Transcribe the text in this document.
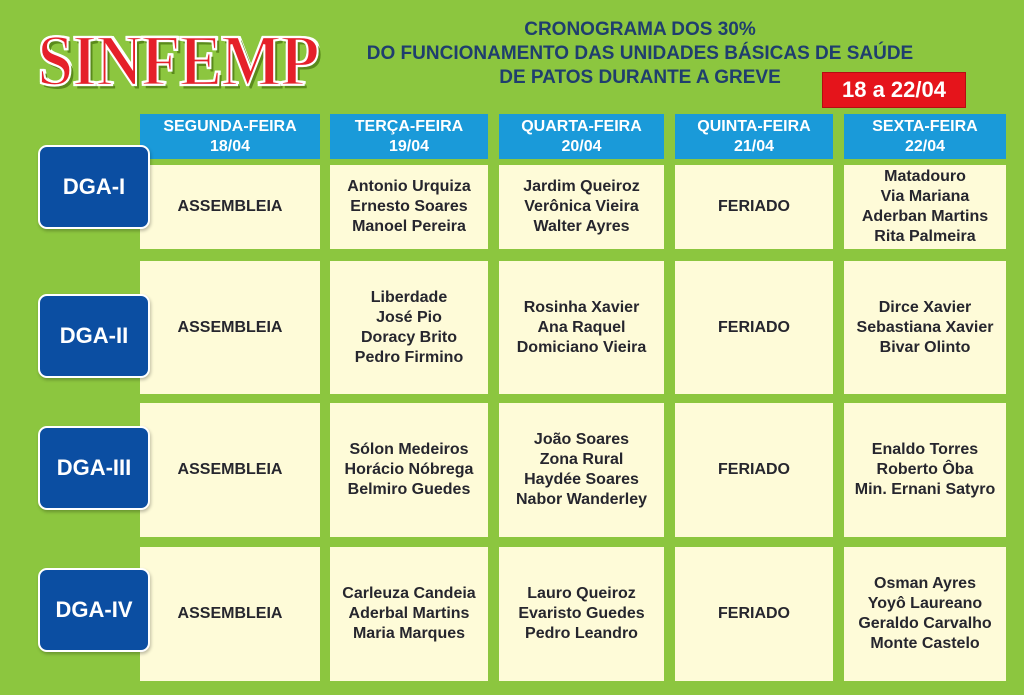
SINFEMP	CRONOGRAMA DOS 30%
DO FUNCIONAMENTO DAS UNIDADES BÁSICAS DE SAÚDE
DE PATOS DURANTE A GREVE	18 a 22/04
SEGUNDA-FEIRA
18/04
TERÇA-FEIRA
19/04
QUARTA-FEIRA
20/04
QUINTA-FEIRA
21/04
SEXTA-FEIRA
22/04
ASSEMBLEIA
Antonio Urquiza
Ernesto Soares
Manoel Pereira
Jardim Queiroz
Verônica Vieira
Walter Ayres
FERIADO
Matadouro
Via Mariana
Aderban Martins
Rita Palmeira
DGA-I
ASSEMBLEIA
Liberdade
José Pio
Doracy Brito
Pedro Firmino
Rosinha Xavier
Ana Raquel
Domiciano Vieira
FERIADO
Dirce Xavier
Sebastiana Xavier
Bivar Olinto
DGA-II
ASSEMBLEIA
Sólon Medeiros
Horácio Nóbrega
Belmiro Guedes
João Soares
Zona Rural
Haydée Soares
Nabor Wanderley
FERIADO
Enaldo Torres
Roberto Ôba
Min. Ernani Satyro
DGA-III
ASSEMBLEIA
Carleuza Candeia
Aderbal Martins
Maria Marques
Lauro Queiroz
Evaristo Guedes
Pedro Leandro
FERIADO
Osman Ayres
Yoyô Laureano
Geraldo Carvalho
Monte Castelo
DGA-IV
